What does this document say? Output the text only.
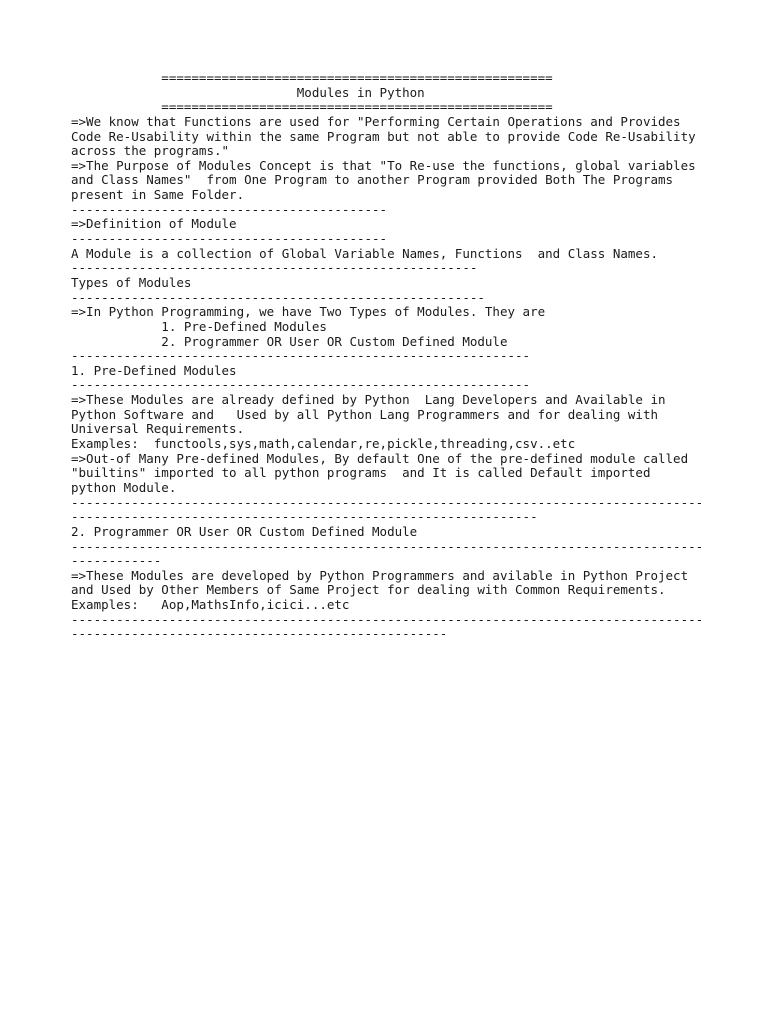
====================================================
Modules in Python
====================================================
=>We know that Functions are used for "Performing Certain Operations and Provides
Code Re-Usability within the same Program but not able to provide Code Re-Usability
across the programs."
=>The Purpose of Modules Concept is that "To Re-use the functions, global variables
and Class Names"  from One Program to another Program provided Both The Programs
present in Same Folder.
------------------------------------------
=>Definition of Module
------------------------------------------
A Module is a collection of Global Variable Names, Functions  and Class Names.
------------------------------------------------------
Types of Modules
-------------------------------------------------------
=>In Python Programming, we have Two Types of Modules. They are
1. Pre-Defined Modules
2. Programmer OR User OR Custom Defined Module
-------------------------------------------------------------
1. Pre-Defined Modules
-------------------------------------------------------------
=>These Modules are already defined by Python  Lang Developers and Available in
Python Software and   Used by all Python Lang Programmers and for dealing with
Universal Requirements.
Examples:  functools,sys,math,calendar,re,pickle,threading,csv..etc
=>Out-of Many Pre-defined Modules, By default One of the pre-defined module called
"builtins" imported to all python programs  and It is called Default imported
python Module.
------------------------------------------------------------------------------------
--------------------------------------------------------------
2. Programmer OR User OR Custom Defined Module
------------------------------------------------------------------------------------
------------
=>These Modules are developed by Python Programmers and avilable in Python Project
and Used by Other Members of Same Project for dealing with Common Requirements.
Examples:   Aop,MathsInfo,icici...etc
------------------------------------------------------------------------------------
--------------------------------------------------
